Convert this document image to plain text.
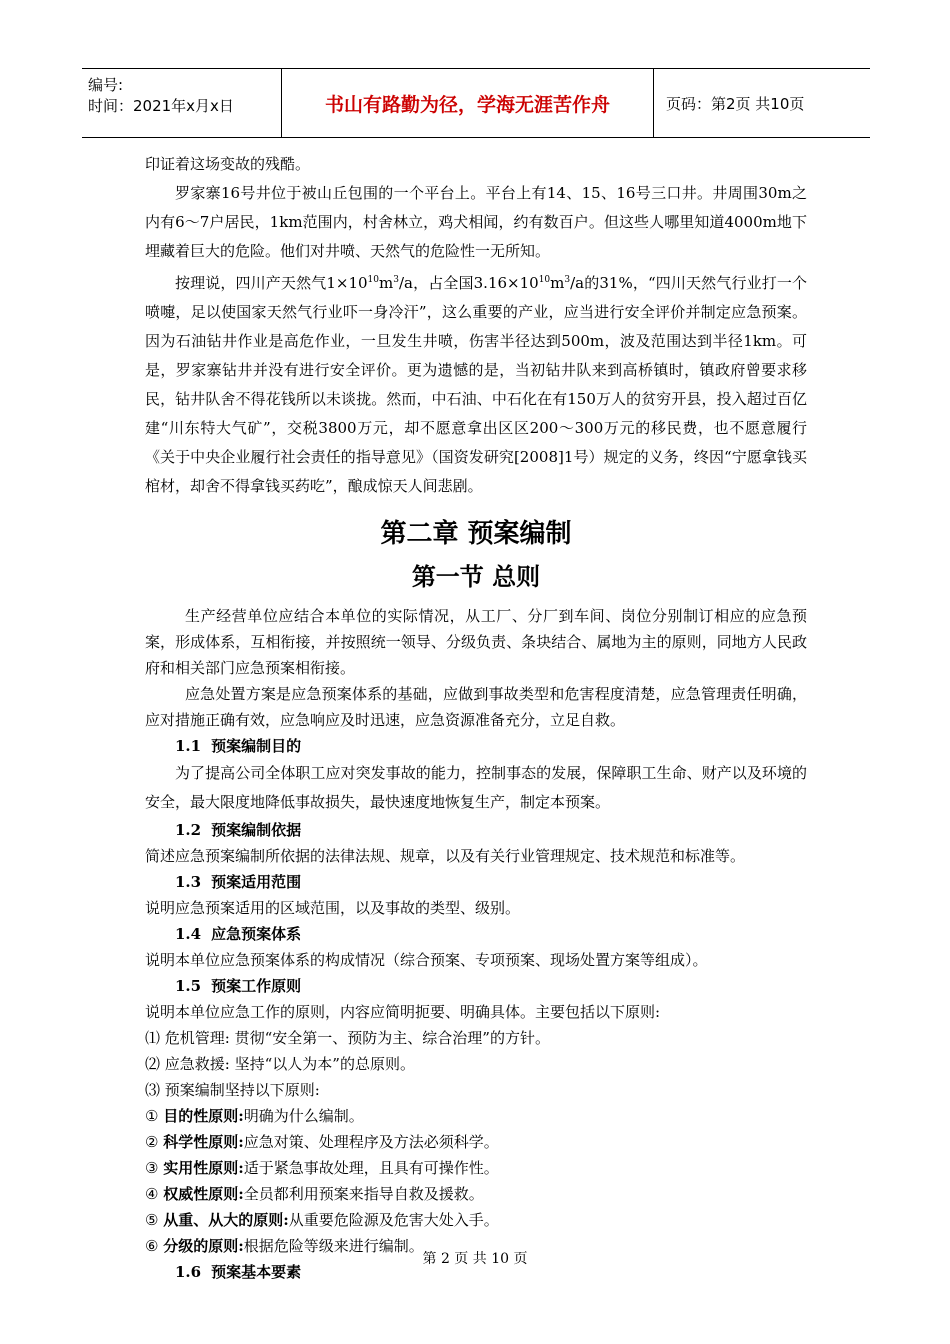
编号:
时间：2021年x月x日	书山有路勤为径，学海无涯苦作舟	页码：第2页 共10页

印证着这场变故的残酷。

罗家寨16号井位于被山丘包围的一个平台上。平台上有14、15、16号三口井。井周围30m之内有6～7户居民，1km范围内，村舍林立，鸡犬相闻，约有数百户。但这些人哪里知道4000m地下埋藏着巨大的危险。他们对井喷、天然气的危险性一无所知。

按理说，四川产天然气$1\times 10^{10}m^3/a$，占全国$3.16\times 10^{10}m^3/a$的31%，“四川天然气行业打一个喷嚏，足以使国家天然气行业吓一身冷汗”，这么重要的产业，应当进行安全评价并制定应急预案。因为石油钻井作业是高危作业，一旦发生井喷，伤害半径达到500m，波及范围达到半径1km。可是，罗家寨钻井并没有进行安全评价。更为遗憾的是，当初钻井队来到高桥镇时，镇政府曾要求移民，钻井队舍不得花钱所以未谈拢。然而，中石油、中石化在有150万人的贫穷开县，投入超过百亿建“川东特大气矿”，交税3800万元，却不愿意拿出区区200～300万元的移民费，也不愿意履行《关于中央企业履行社会责任的指导意见》（国资发研究[2008]1号）规定的义务，终因“宁愿拿钱买棺材，却舍不得拿钱买药吃”，酿成惊天人间悲剧。

第二章 预案编制
第一节 总则

生产经营单位应结合本单位的实际情况，从工厂、分厂到车间、岗位分别制订相应的应急预案，形成体系，互相衔接，并按照统一领导、分级负责、条块结合、属地为主的原则，同地方人民政府和相关部门应急预案相衔接。

应急处置方案是应急预案体系的基础，应做到事故类型和危害程度清楚，应急管理责任明确，应对措施正确有效，应急响应及时迅速，应急资源准备充分，立足自救。

1.1 预案编制目的

为了提高公司全体职工应对突发事故的能力，控制事态的发展，保障职工生命、财产以及环境的安全，最大限度地降低事故损失，最快速度地恢复生产，制定本预案。

1.2 预案编制依据

简述应急预案编制所依据的法律法规、规章，以及有关行业管理规定、技术规范和标准等。

1.3 预案适用范围

说明应急预案适用的区域范围，以及事故的类型、级别。

1.4 应急预案体系

说明本单位应急预案体系的构成情况（综合预案、专项预案、现场处置方案等组成）。

1.5 预案工作原则

说明本单位应急工作的原则，内容应简明扼要、明确具体。主要包括以下原则:

⑴ 危机管理: 贯彻“安全第一、预防为主、综合治理”的方针。
⑵ 应急救援: 坚持“以人为本”的总原则。
⑶ 预案编制坚持以下原则:
① 目的性原则:明确为什么编制。
② 科学性原则:应急对策、处理程序及方法必须科学。
③ 实用性原则:适于紧急事故处理，且具有可操作性。
④ 权威性原则:全员都利用预案来指导自救及援救。
⑤ 从重、从大的原则:从重要危险源及危害大处入手。
⑥ 分级的原则:根据危险等级来进行编制。
1.6 预案基本要素
第 2 页 共 10 页
